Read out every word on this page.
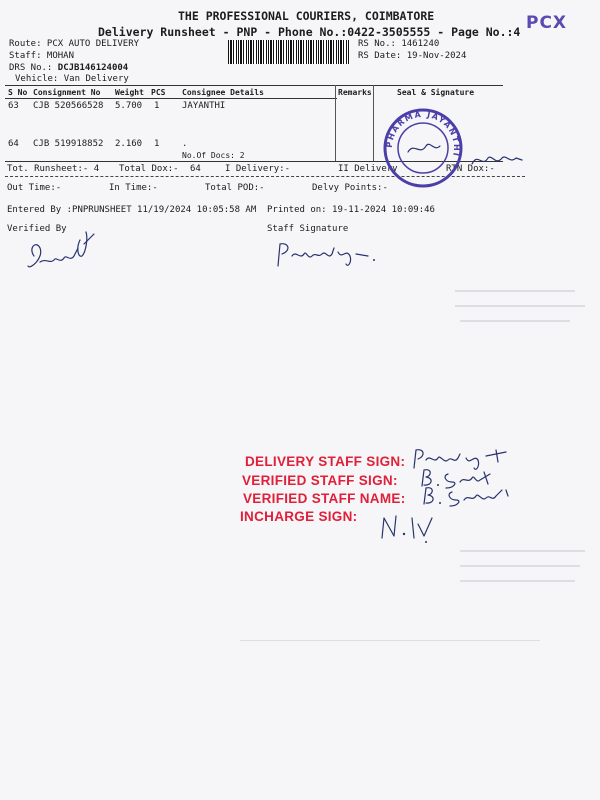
THE PROFESSIONAL COURIERS, COIMBATORE
Delivery Runsheet - PNP - Phone No.:0422-3505555 - Page No.:4 PCX
Route: PCX AUTO DELIVERY
Staff: MOHAN
DRS No.: DCJB146124004
Vehicle: Van Delivery
RS No.: 1461240
RS Date: 19-Nov-2024
S No Consignment No Weight PCS Consignee Details	Remarks	Seal & Signature
63 CJB 520566528 5.700 1	JAYANTHI
64 CJB 519918852 2.160 1	.
No.Of Docs: 2
Tot. Runsheet:- 4 Total Dox:- 64	I Delivery:-	II Delivery	RTN Dox:-
Out Time:-	In Time:-	Total POD:-	Delvy Points:-
Entered By :PNPRUNSHEET 11/19/2024 10:05:58 AM Printed on: 19-11-2024 10:09:46
Verified By	Staff Signature
PHARMA JAYANTHI
DELIVERY STAFF SIGN:
VERIFIED STAFF SIGN:
VERIFIED STAFF NAME:
INCHARGE SIGN:
